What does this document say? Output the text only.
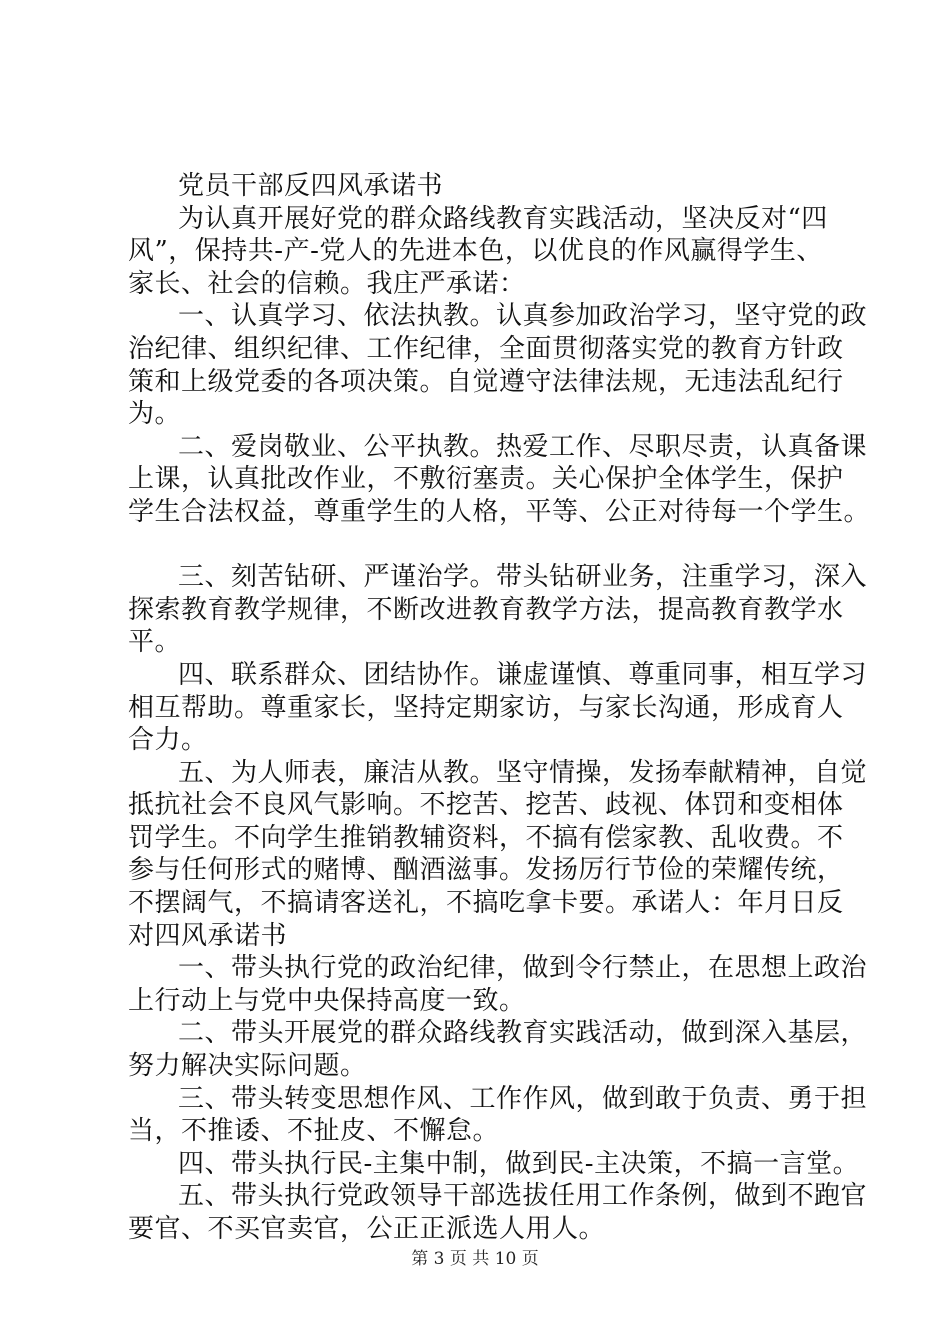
党员干部反四风承诺书
为认真开展好党的群众路线教育实践活动，坚决反对“四
风”，保持共-产-党人的先进本色，以优良的作风赢得学生、
家长、社会的信赖。我庄严承诺：
一、认真学习、依法执教。认真参加政治学习，坚守党的政
治纪律、组织纪律、工作纪律，全面贯彻落实党的教育方针政
策和上级党委的各项决策。自觉遵守法律法规，无违法乱纪行
为。
二、爱岗敬业、公平执教。热爱工作、尽职尽责，认真备课
上课，认真批改作业，不敷衍塞责。关心保护全体学生，保护
学生合法权益，尊重学生的人格，平等、公正对待每一个学生。
三、刻苦钻研、严谨治学。带头钻研业务，注重学习，深入
探索教育教学规律，不断改进教育教学方法，提高教育教学水
平。
四、联系群众、团结协作。谦虚谨慎、尊重同事，相互学习
相互帮助。尊重家长，坚持定期家访，与家长沟通，形成育人
合力。
五、为人师表，廉洁从教。坚守情操，发扬奉献精神，自觉
抵抗社会不良风气影响。不挖苦、挖苦、歧视、体罚和变相体
罚学生。不向学生推销教辅资料，不搞有偿家教、乱收费。不
参与任何形式的赌博、酗酒滋事。发扬厉行节俭的荣耀传统，
不摆阔气，不搞请客送礼，不搞吃拿卡要。承诺人：年月日反
对四风承诺书
一、带头执行党的政治纪律，做到令行禁止，在思想上政治
上行动上与党中央保持高度一致。
二、带头开展党的群众路线教育实践活动，做到深入基层，
努力解决实际问题。
三、带头转变思想作风、工作作风，做到敢于负责、勇于担
当，不推诿、不扯皮、不懈怠。
四、带头执行民-主集中制，做到民-主决策，不搞一言堂。
五、带头执行党政领导干部选拔任用工作条例，做到不跑官
要官、不买官卖官，公正正派选人用人。
第 3 页 共 10 页
